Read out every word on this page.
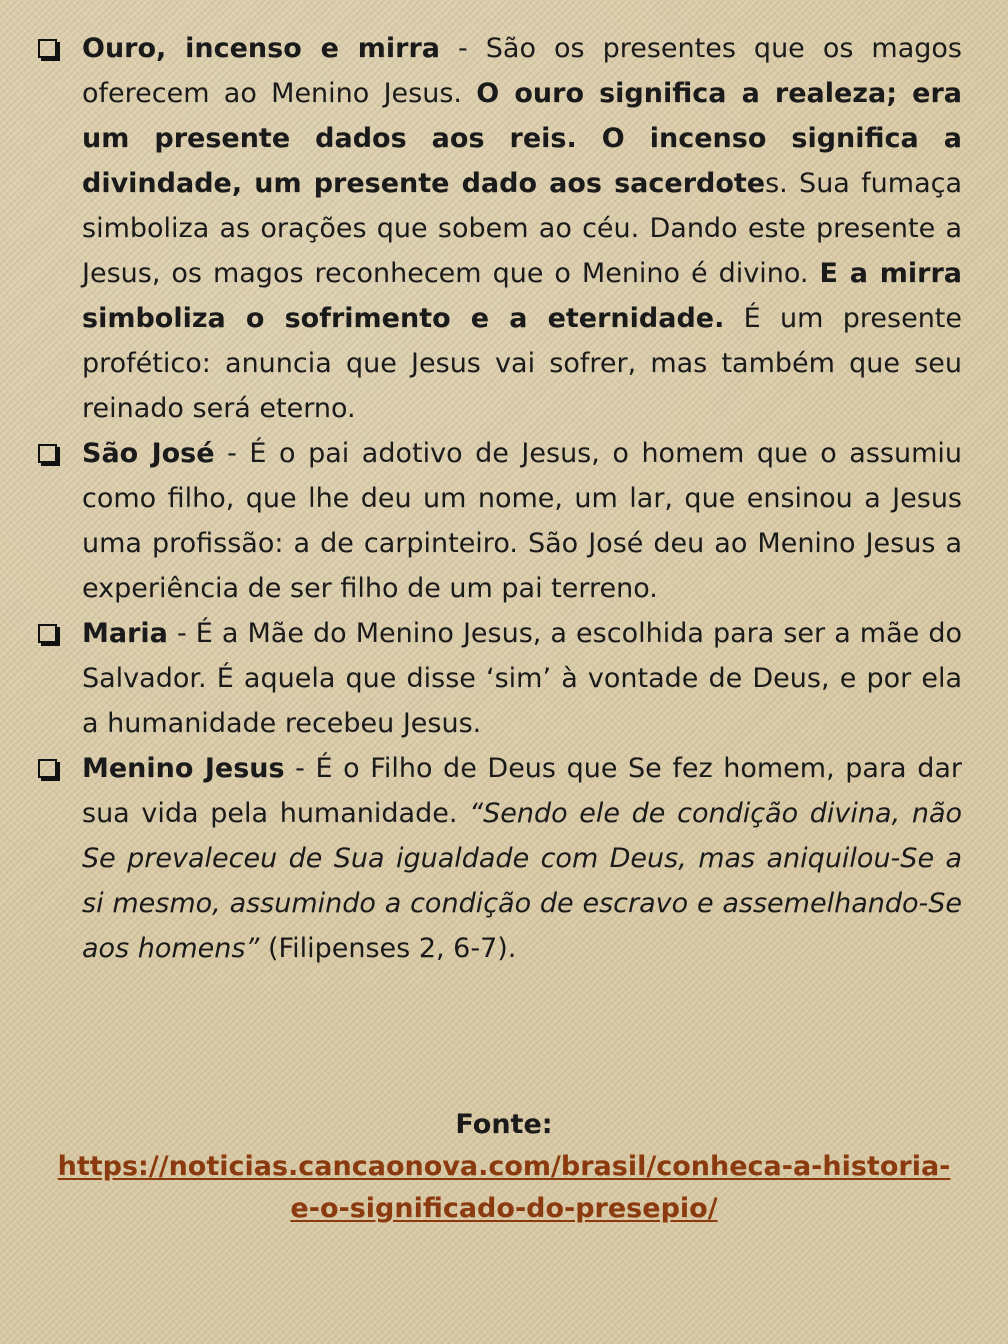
Ouro, incenso e mirra - São os presentes que os magos oferecem ao Menino Jesus. O ouro significa a realeza; era um presente dados aos reis. O incenso significa a divindade, um presente dado aos sacerdotes. Sua fumaça simboliza as orações que sobem ao céu. Dando este presente a Jesus, os magos reconhecem que o Menino é divino. E a mirra simboliza o sofrimento e a eternidade. É um presente profético: anuncia que Jesus vai sofrer, mas também que seu reinado será eterno.
São José - É o pai adotivo de Jesus, o homem que o assumiu como filho, que lhe deu um nome, um lar, que ensinou a Jesus uma profissão: a de carpinteiro. São José deu ao Menino Jesus a experiência de ser filho de um pai terreno.
Maria - É a Mãe do Menino Jesus, a escolhida para ser a mãe do Salvador. É aquela que disse ‘sim’ à vontade de Deus, e por ela a humanidade recebeu Jesus.
Menino Jesus - É o Filho de Deus que Se fez homem, para dar sua vida pela humanidade. “Sendo ele de condição divina, não Se prevaleceu de Sua igualdade com Deus, mas aniquilou-Se a si mesmo, assumindo a condição de escravo e assemelhando-Se aos homens” (Filipenses 2, 6-7).
Fonte:
https://noticias.cancaonova.com/brasil/conheca-a-historia-
e-o-significado-do-presepio/
